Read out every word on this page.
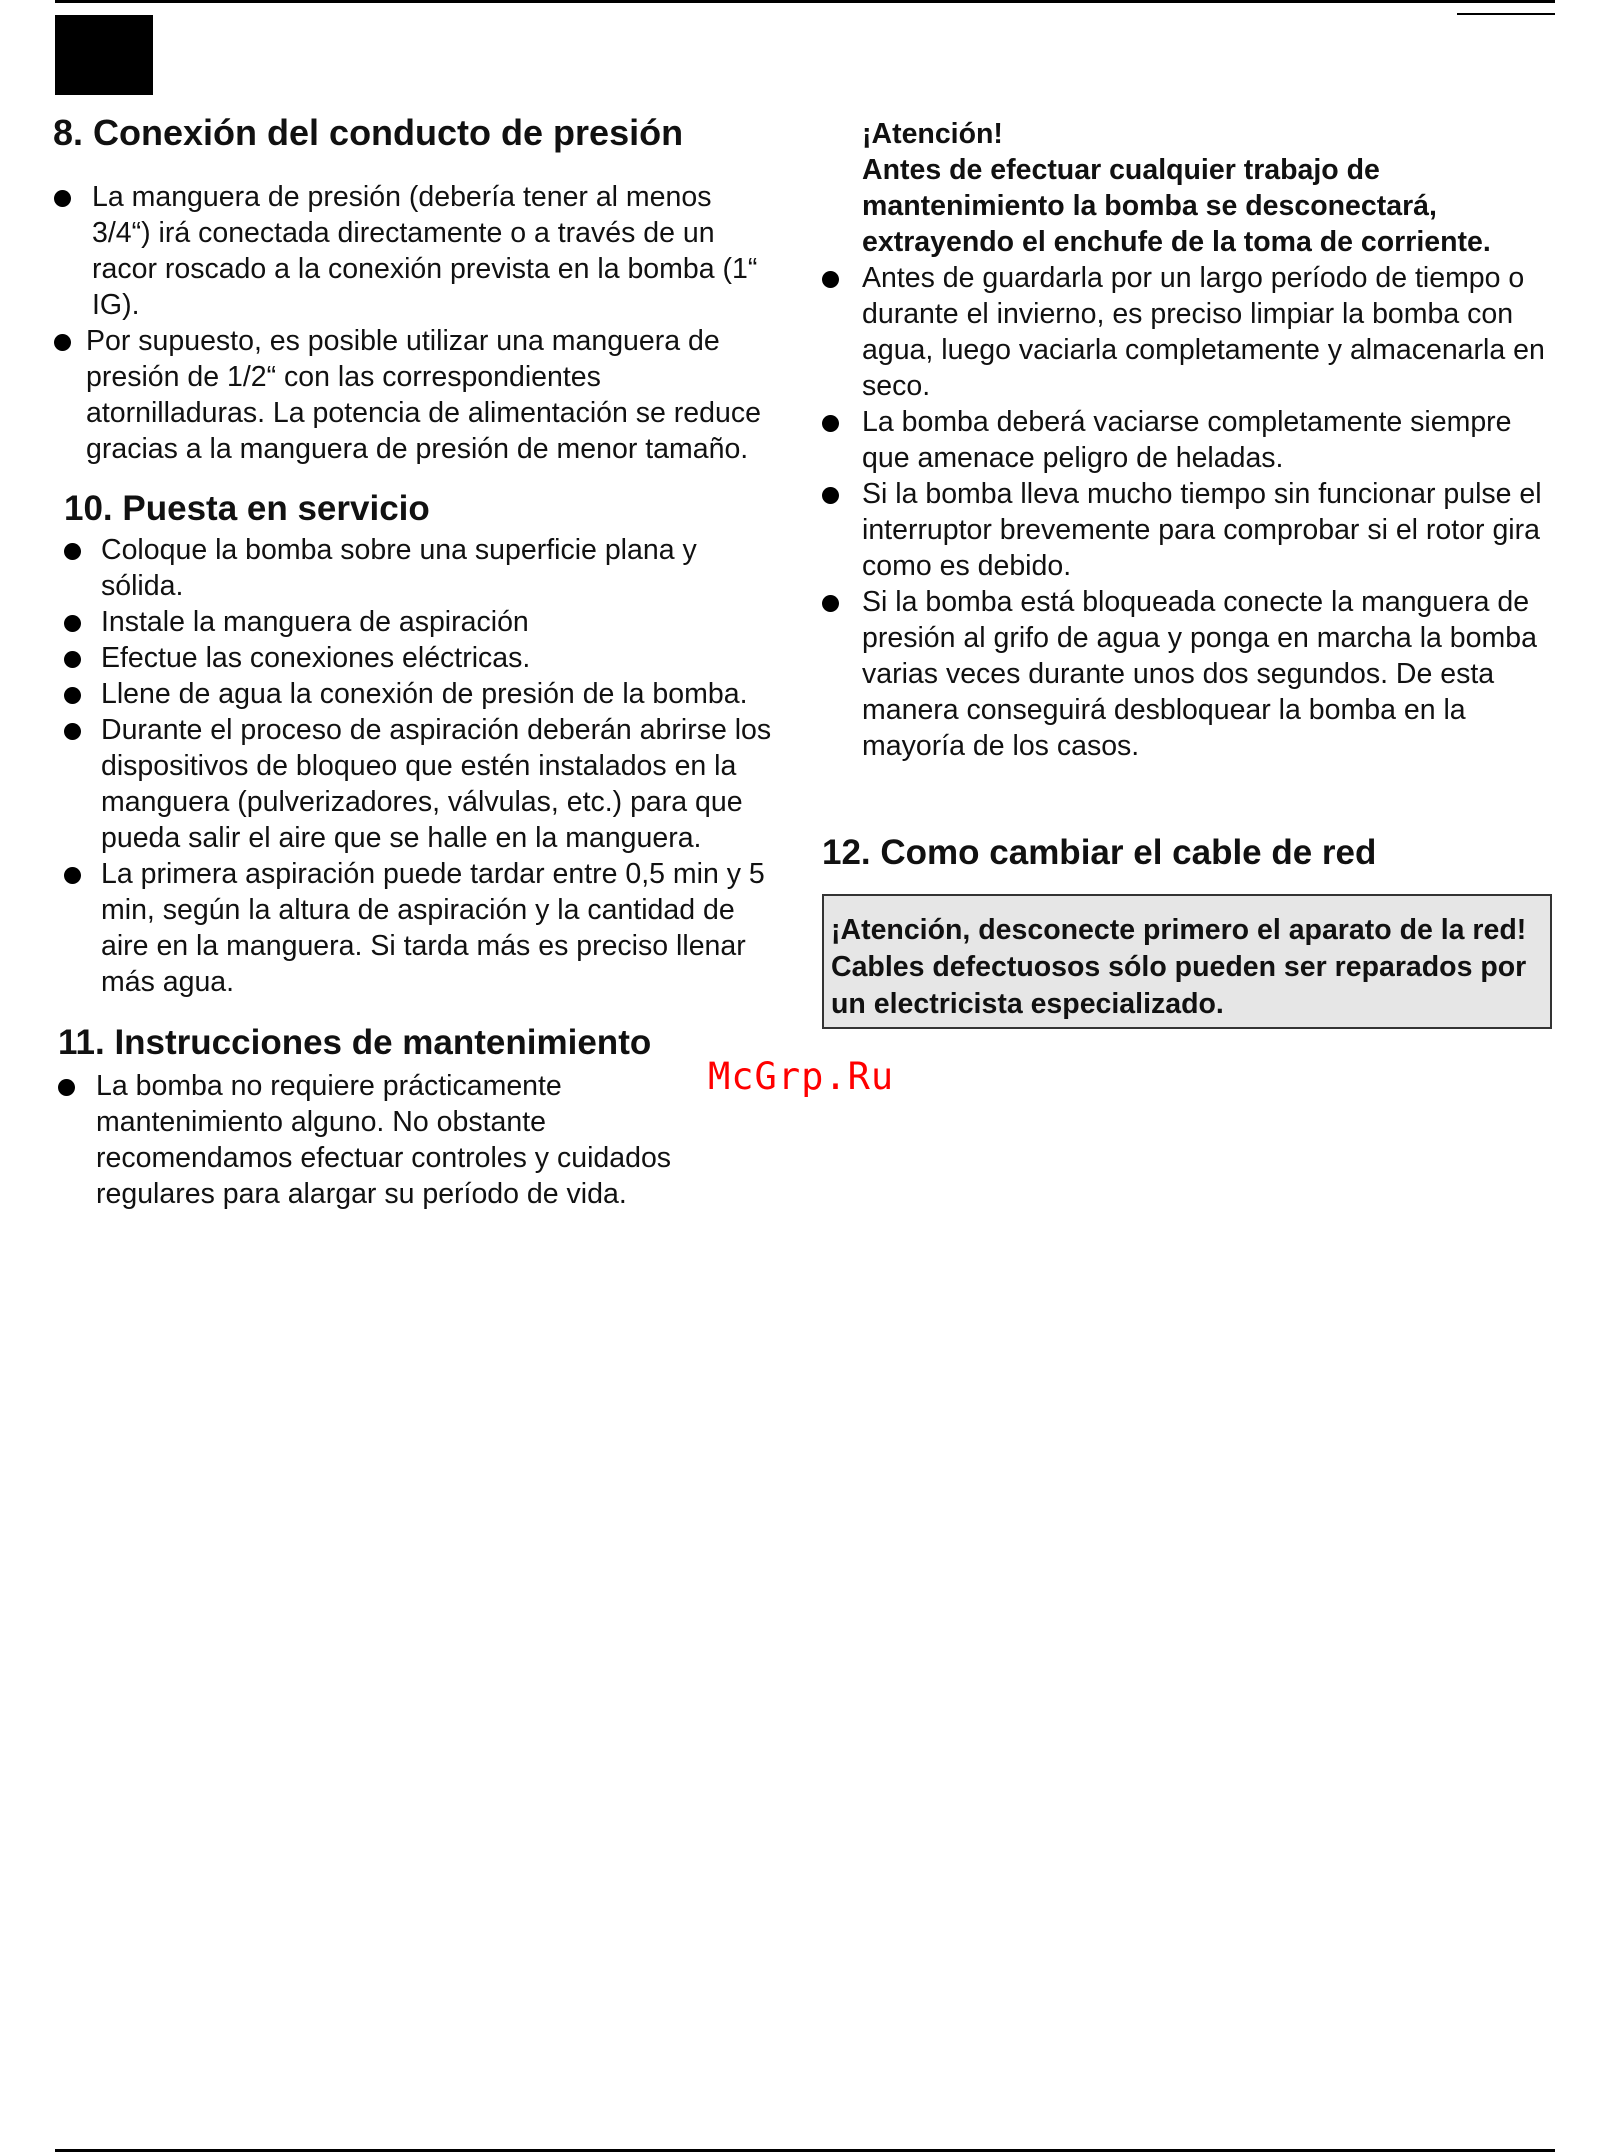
8. Conexión del conducto de presión
La manguera de presión (debería tener al menos 3/4“) irá conectada directamente o a través de un racor roscado a la conexión prevista en la bomba (1“ IG).
Por supuesto, es posible utilizar una manguera de presión de 1/2“ con las correspondientes atornilladuras. La potencia de alimentación se reduce gracias a la manguera de presión de menor tamaño.
10. Puesta en servicio
Coloque la bomba sobre una superficie plana y sólida.
Instale la manguera de aspiración
Efectue las conexiones eléctricas.
Llene de agua la conexión de presión de la bomba.
Durante el proceso de aspiración deberán abrirse los dispositivos de bloqueo que estén instalados en la manguera (pulverizadores, válvulas, etc.) para que pueda salir el aire que se halle en la manguera.
La primera aspiración puede tardar entre 0,5 min y 5 min, según la altura de aspiración y la cantidad de aire en la manguera. Si tarda más es preciso llenar más agua.
11. Instrucciones de mantenimiento
La bomba no requiere prácticamente mantenimiento alguno. No obstante recomendamos efectuar controles y cuidados regulares para alargar su período de vida.
¡Atención!
Antes de efectuar cualquier trabajo de mantenimiento la bomba se desconectará, extrayendo el enchufe de la toma de corriente.
Antes de guardarla por un largo período de tiempo o durante el invierno, es preciso limpiar la bomba con agua, luego vaciarla completamente y almacenarla en seco.
La bomba deberá vaciarse completamente siempre que amenace peligro de heladas.
Si la bomba lleva mucho tiempo sin funcionar pulse el interruptor brevemente para comprobar si el rotor gira como es debido.
Si la bomba está bloqueada conecte la manguera de presión al grifo de agua y ponga en marcha la bomba varias veces durante unos dos segundos. De esta manera conseguirá desbloquear la bomba en la mayoría de los casos.
12. Como cambiar el cable de red
¡Atención, desconecte primero el aparato de la red! Cables defectuosos sólo pueden ser reparados por un electricista especializado.
McGrp.Ru
